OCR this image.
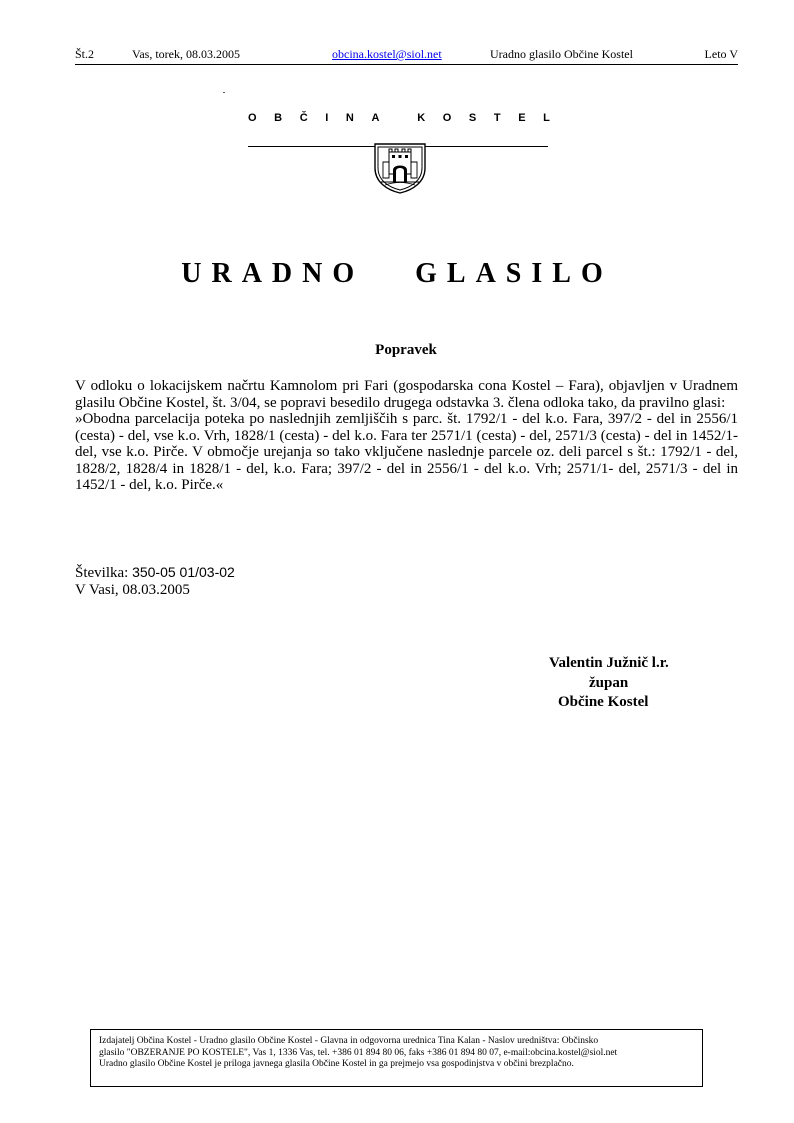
Št.2	Vas, torek, 08.03.2005	obcina.kostel@siol.net	Uradno glasilo Občine Kostel	Leto V
OBČINA KOSTEL
URADNO   GLASILO
Popravek

V odloku o lokacijskem načrtu Kamnolom pri Fari (gospodarska cona Kostel – Fara), objavljen v Uradnem glasilu Občine Kostel, št. 3/04, se popravi besedilo drugega odstavka 3. člena odloka tako, da pravilno glasi:

»Obodna parcelacija poteka po naslednjih zemljiščih s parc. št. 1792/1 - del k.o. Fara, 397/2 - del in 2556/1 (cesta) - del, vse k.o. Vrh, 1828/1 (cesta) - del k.o. Fara ter 2571/1 (cesta) - del, 2571/3 (cesta) - del in 1452/1- del, vse k.o. Pirče. V območje urejanja so tako vključene naslednje parcele oz. deli parcel s št.: 1792/1 - del, 1828/2, 1828/4 in 1828/1 - del, k.o. Fara; 397/2 - del in 2556/1 - del k.o. Vrh; 2571/1- del, 2571/3 - del in 1452/1 - del, k.o. Pirče.«

Številka: 350-05 01/03-02
V Vasi, 08.03.2005
Valentin Južnič l.r.
župan
Občine Kostel
Izdajatelj Občina Kostel - Uradno glasilo Občine Kostel - Glavna in odgovorna urednica Tina Kalan - Naslov uredništva: Občinsko
glasilo "OBZERANJE PO KOSTELE", Vas 1, 1336 Vas, tel. +386 01 894 80 06, faks +386 01 894 80 07, e-mail:obcina.kostel@siol.net
Uradno glasilo Občine Kostel je priloga javnega glasila Občine Kostel in ga prejmejo vsa gospodinjstva v občini brezplačno.
